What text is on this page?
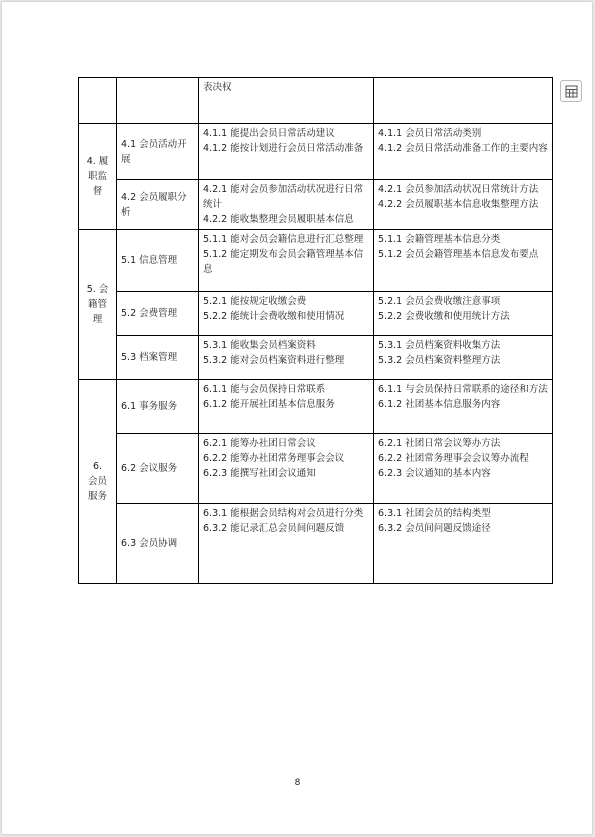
		表决权	

4. 履
职监
督	4.1 会员活动开
展	4.1.1 能提出会员日常活动建议
4.1.2 能按计划进行会员日常活动准备	4.1.1 会员日常活动类别
4.1.2 会员日常活动准备工作的主要内容

	4.2 会员履职分
析	4.2.1 能对会员参加活动状况进行日常统计
4.2.2 能收集整理会员履职基本信息	4.2.1 会员参加活动状况日常统计方法
4.2.2 会员履职基本信息收集整理方法

5. 会
籍管
理	5.1 信息管理	5.1.1 能对会员会籍信息进行汇总整理
5.1.2 能定期发布会员会籍管理基本信息	5.1.1 会籍管理基本信息分类
5.1.2 会员会籍管理基本信息发布要点

	5.2 会费管理	5.2.1 能按规定收缴会费
5.2.2 能统计会费收缴和使用情况	5.2.1 会员会费收缴注意事项
5.2.2 会费收缴和使用统计方法

	5.3 档案管理	5.3.1 能收集会员档案资料
5.3.2 能对会员档案资料进行整理	5.3.1 会员档案资料收集方法
5.3.2 会员档案资料整理方法

6.
会员
服务	6.1 事务服务	6.1.1 能与会员保持日常联系
6.1.2 能开展社团基本信息服务	6.1.1 与会员保持日常联系的途径和方法
6.1.2 社团基本信息服务内容

	6.2 会议服务	6.2.1 能筹办社团日常会议
6.2.2 能筹办社团常务理事会会议
6.2.3 能撰写社团会议通知	6.2.1 社团日常会议筹办方法
6.2.2 社团常务理事会会议筹办流程
6.2.3 会议通知的基本内容

	6.3 会员协调	6.3.1 能根据会员结构对会员进行分类
6.3.2 能记录汇总会员间问题反馈	6.3.1 社团会员的结构类型
6.3.2 会员间问题反馈途径
8
